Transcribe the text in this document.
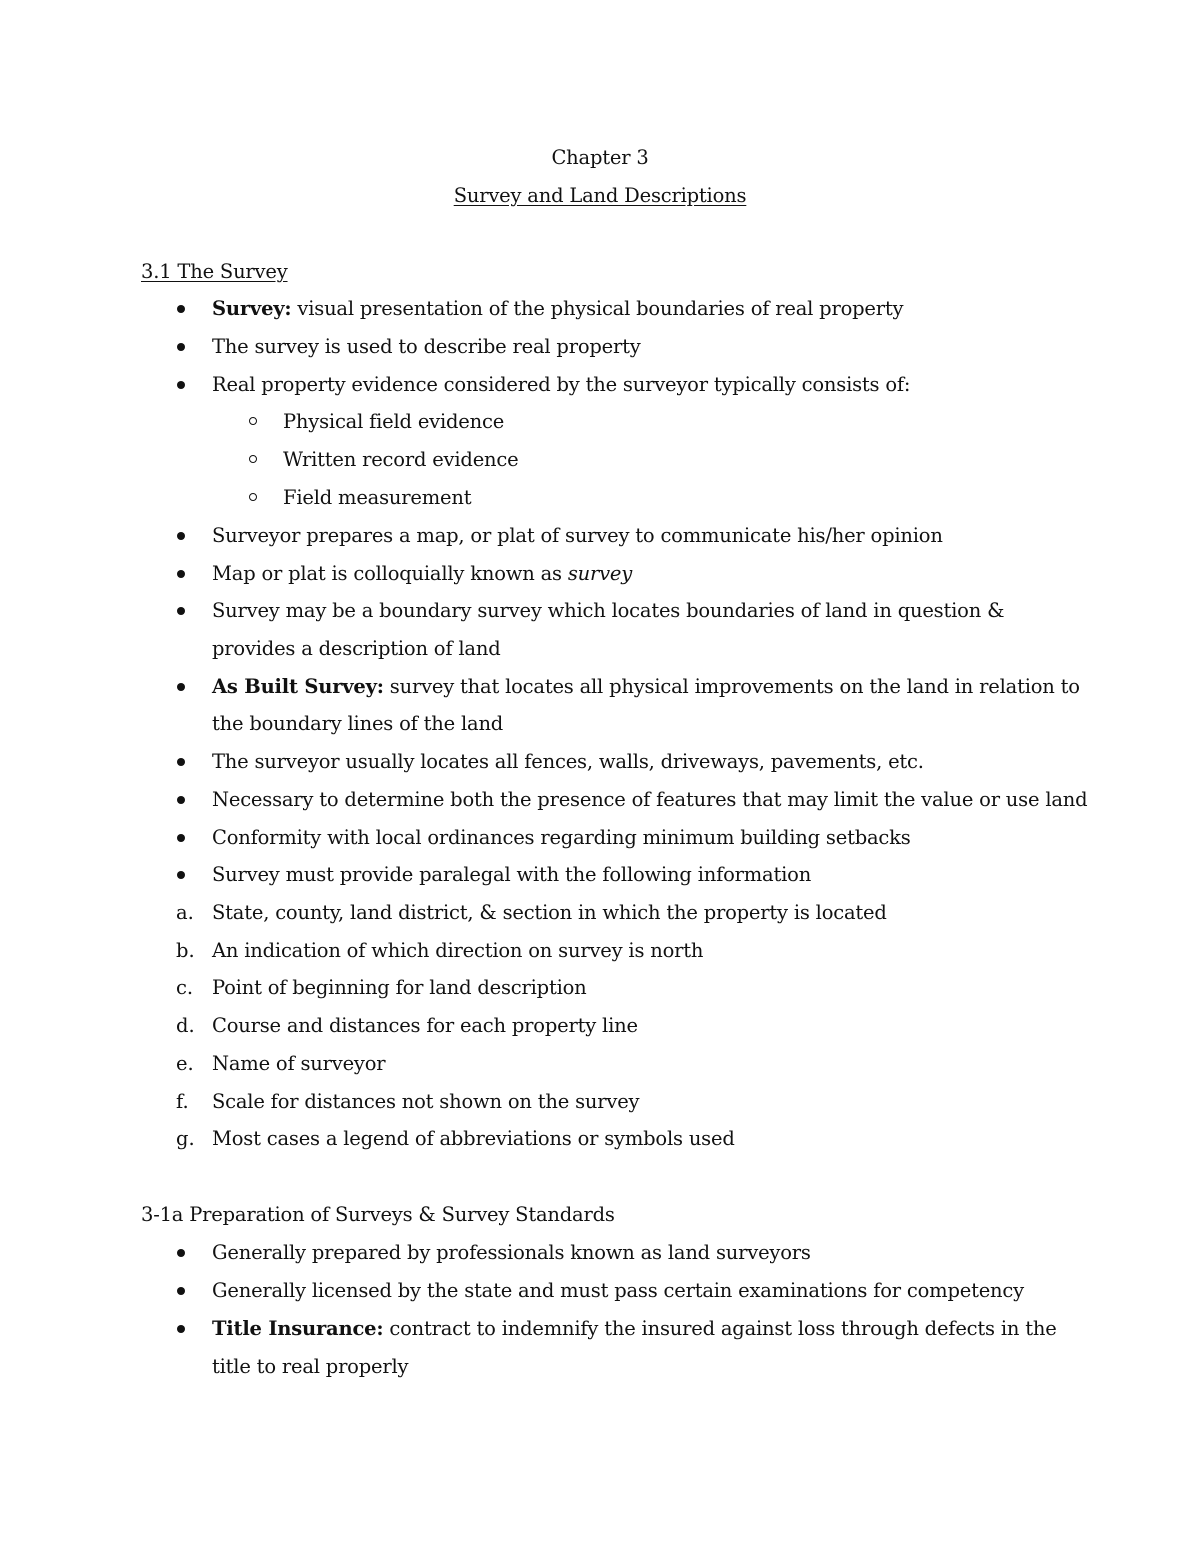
Chapter 3
Survey and Land Descriptions
3.1 The Survey
Survey: visual presentation of the physical boundaries of real property
The survey is used to describe real property
Real property evidence considered by the surveyor typically consists of:
Physical field evidence
Written record evidence
Field measurement
Surveyor prepares a map, or plat of survey to communicate his/her opinion
Map or plat is colloquially known as survey
Survey may be a boundary survey which locates boundaries of land in question &
provides a description of land
As Built Survey: survey that locates all physical improvements on the land in relation to
the boundary lines of the land
The surveyor usually locates all fences, walls, driveways, pavements, etc.
Necessary to determine both the presence of features that may limit the value or use land
Conformity with local ordinances regarding minimum building setbacks
Survey must provide paralegal with the following information
a. State, county, land district, & section in which the property is located
b. An indication of which direction on survey is north
c. Point of beginning for land description
d. Course and distances for each property line
e. Name of surveyor
f. Scale for distances not shown on the survey
g. Most cases a legend of abbreviations or symbols used
3-1a Preparation of Surveys & Survey Standards
Generally prepared by professionals known as land surveyors
Generally licensed by the state and must pass certain examinations for competency
Title Insurance: contract to indemnify the insured against loss through defects in the
title to real properly
